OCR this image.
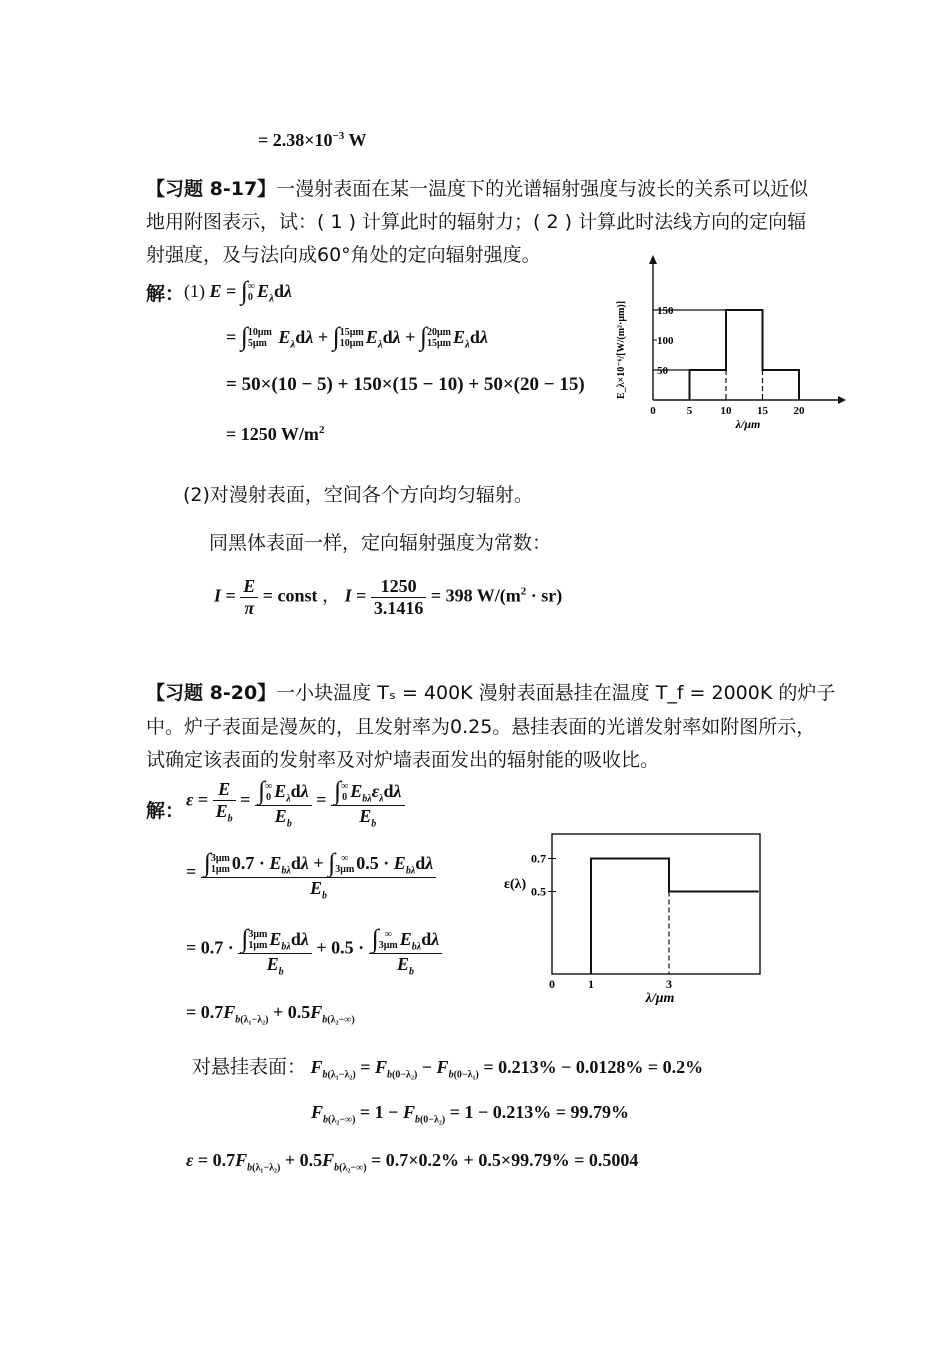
= $2.38\times 10^{-3}$ W
【习题 8-17】一漫射表面在某一温度下的光谱辐射强度与波长的关系可以近似
地用附图表示，试：( 1 ) 计算此时的辐射力；( 2 ) 计算此时法线方向的定向辐
射强度，及与法向成60°角处的定向辐射强度。
解： (1) E = ∫ ∞
0 $E_\lambda d\lambda$
= ∫ 10μm
5μm $E_\lambda d\lambda$ + ∫ 15μm
10μm $E_\lambda d\lambda$ + ∫ 20μm
15μm $E_\lambda d\lambda$
= 50×(10 − 5) + 150×(15 − 10) + 50×(20 − 15)
= 1250 $W/m^2$
0	5	10 15 20
50
100
150
E_λ×10⁻⁶/[W/(m²·μm)]
λ/μm
(2)对漫射表面，空间各个方向均匀辐射。
同黑体表面一样，定向辐射强度为常数：
$I = \frac{E}{\pi}$ = const ， $I = \frac{1250}{3.1416} = 398$ $W/(m^2 \cdot sr)$
【习题 8-20】一小块温度 Tₛ = 400K 漫射表面悬挂在温度 T_f = 2000K 的炉子
中。炉子表面是漫灰的，且发射率为0.25。悬挂表面的光谱发射率如附图所示，
试确定该表面的发射率及对炉墙表面发出的辐射能的吸收比。
解：
$\varepsilon = \frac{E}{E_b}$ = ∫ ∞
0 $E_\lambda d\lambda$
$E_b$ = ∫ ∞
0 $E_{b\lambda}\varepsilon_\lambda d\lambda$
$E_b$
= ∫ 3μm
1μm $0.7 \cdot E_{b\lambda}d\lambda$ + ∫ ∞
3μm $0.5 \cdot E_{b\lambda}d\lambda$
$E_b$
= 0.7 · ∫ 3μm
1μm $E_{b\lambda}d\lambda$
$E_b + 0.5$ · ∫ ∞
3μm $E_{b\lambda}d\lambda$
$E_b$
= $0.7F_{b(\lambda_1-\lambda_2)} + 0.5F_{b(\lambda_2-\infty)}$
0	1	3
0.7
0.5
ε(λ)
λ/μm
对悬挂表面： $F_{b(\lambda_1-\lambda_2)} = F_{b(0-\lambda_2)} - F_{b(0-\lambda_1)} = 0.213\% - 0.0128\% = 0.2\%$
$F_{b(\lambda_2-\infty)} = 1 - F_{b(0-\lambda_2)} = 1 - 0.213\% = 99.79\%$
$\varepsilon = 0.7F_{b(\lambda_1-\lambda_2)} + 0.5F_{b(\lambda_2-\infty)} = 0.7\times 0.2\% + 0.5\times 99.79\% = 0.5004$
